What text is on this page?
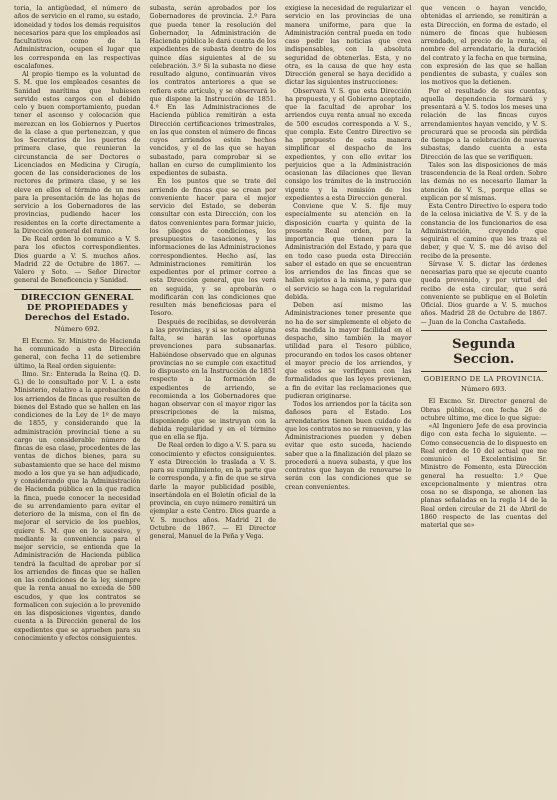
toria, la antigüedad, el número de años de servicio en el ramo, su estado, idoneidad y todos los demás requisitos necesarios para que los empleados así facultativos como de la Administracion, ocupen el lugar que les corresponda en las respectivas escalafones.

Al propio tiempo es la voluntad de S. M. que los empleados cesantes de Sanidad marítima que hubiesen servido estos cargos con el debido celo y buen comportamiento, puedan tener el ascenso y colocación que merezcan en los Gobiernos y Puertos de la clase a que pertenezcan, y que los Secretarios de los puertos de primera clase, que reunieran la circunstancia de ser Doctores o Licenciados en Medicina y Cirugía, gocen de las consideraciones de los rectores de primera clase, y se les eleve en ellos el término de un mes para la presentación de las hojas de servicio a los Gobernadores de las provincias, pudiendo hacer los residentes en la corte directamente a la Dirección general del ramo.

De Real orden lo comunico a V. S. para los efectos correspondientes. Dios guarde a V. S. muchos años. Madrid 22 de Octubre de 1867. — Valero y Soto. — Señor Director general de Beneficencia y Sanidad.

DIRECCION GENERAL DE PROPIEDADES y Derechos del Estado.
Número 692.

El Excmo. Sr. Ministro de Hacienda ha comunicado a esta Dirección general, con fecha 11 de setiembre último, la Real orden siguiente:

Ilmo. Sr.: Enterada la Reina (Q. D. G.) de lo consultado por V. I. a este Ministerio, relativo a la aprobación de los arriendos de fincas que resulten de bienes del Estado que se hallen en las condiciones de la Ley de 1º de mayo de 1855, y considerando que la administración provincial tiene a su cargo un considerable número de fincas de esa clase, procedentes de las ventas de dichos bienes, para su subastamiento que se hace del mismo modo a los que ya se han adjudicado, y considerando que la Administración de Hacienda pública en la que radica la finca, puede conocer la necesidad de su arrendamiento para evitar el deterioro de la misma, con el fin de mejorar el servicio de los pueblos, quiere S. M. que en lo sucesivo, y mediante la conveniencia para el mejor servicio, se entienda que la Administración de Hacienda pública tendrá la facultad de aprobar por sí los arriendos de fincas que se hallen en las condiciones de la ley, siempre que la renta anual no exceda de 500 escudos, y que los contratos se formalicen con sujeción a lo prevenido en las disposiciones vigentes, dando cuenta a la Dirección general de los expedientes que se aprueben para su conocimiento y efectos consiguientes.

subasta, serán aprobados por los Gobernadores de provincia. 2.º Para que pueda tener la resolución del Gobernador, la Administración de Hacienda pública le dará cuenta de los expedientes de subasta dentro de los quince días siguientes al de su celebración. 3.º Si la subasta no diese resultado alguno, continuarán vivos los contratos anteriores a que se refiera este artículo, y se observará lo que dispone la Instrucción de 1851. 4.º En las Administraciones de Hacienda pública remitirán a esta Dirección certificaciones trimestrales, en las que consten el número de fincas cuyos arriendos estén hechos vencidos, y el de las que se hayan subastado, para comprobar si se hallan en curso de cumplimiento los expedientes de subasta.

En los puntos que se trate del arriendo de fincas que se crean por conveniente hacer para el mejor servicio del Estado, se deberán consultar con esta Dirección, con los datos convenientes para formar juicio, los pliegos de condiciones, los presupuestos o tasaciones, y las informaciones de las Administraciones correspondientes. Hecho así, las Administraciones remitirán los expedientes por el primer correo a esta Dirección general, que los verá en seguida, y se aprobarán o modificarán con las condiciones que resulten más beneficiosas para el Tesoro.

Después de recibidas, se devolverán a las provincias, y si se notase alguna falta, se harán las oportunas prevenciones para subsanarlas. Habiéndose observado que en algunas provincias no se cumple con exactitud lo dispuesto en la Instrucción de 1851 respecto a la formación de expedientes de arriendo, se recomienda a los Gobernadores que hagan observar con el mayor rigor las prescripciones de la misma, disponiendo que se instruyan con la debida regularidad y en el término que en ella se fija.

De Real orden lo digo a V. S. para su conocimiento y efectos consiguientes. Y esta Dirección lo traslada a V. S. para su cumplimiento, en la parte que le corresponda, y a fin de que se sirva darle la mayor publicidad posible, insertándola en el Boletín oficial de la provincia, en cuyo número remitirá un ejemplar a este Centro. Dios guarde a V. S. muchos años. Madrid 21 de Octubre de 1867. — El Director general, Manuel de la Peña y Vega.

exigiese la necesidad de regularizar el servicio en las provincias de una manera uniforme, para que la Administración central pueda en todo caso pedir las noticias que crea indispensables, con la absoluta seguridad de obtenerlas. Esta, y no otra, es la causa de que hoy esta Dirección general se haya decidido a dictar las siguientes instrucciones:

Observará V. S. que esta Dirección ha propuesto, y el Gobierno aceptado, que la facultad de aprobar los arriendos cuya renta anual no exceda de 500 escudos corresponda a V. S., que compla. Este Centro Directivo se ha propuesto de esta manera simplificar el despacho de los expedientes, y con ello evitar los perjuicios que a la Administración ocasionan las dilaciones que llevan consigo los trámites de la instrucción vigente y la remisión de los expedientes a esta Dirección general.

Conviene que V. S. fije muy especialmente su atención en la disposición cuarta y quinta de la presente Real orden, por la importancia que tienen para la Administración del Estado, y para que en todo caso pueda esta Dirección saber el estado en que se encuentran los arriendos de las fincas que se hallen sujetos a la misma, y para que el servicio se haga con la regularidad debida.

Deben así mismo las Administraciones tener presente que no ha de ser simplemente el objeto de esta medida la mayor facilidad en el despacho, sino también la mayor utilidad para el Tesoro público, procurando en todos los casos obtener el mayor precio de los arriendos, y que estos se verifiquen con las formalidades que las leyes previenen, a fin de evitar las reclamaciones que pudieran originarse.

Todos los arriendos por la tácita son dañosos para el Estado. Los arrendatarios tienen buen cuidado de que los contratos no se renueven, y las Administraciones pueden y deben evitar que esto suceda, haciendo saber que a la finalización del plazo se procederá a nueva subasta, y que los contratos que hayan de renovarse lo serán con las condiciones que se crean convenientes.

que vencen o hayan vencido, obtenidas el arriendo, se remitirán a esta Dirección, en forma de estado, el número de fincas que hubiesen arrendado, el precio de la renta, el nombre del arrendatario, la duración del contrato y la fecha en que termina, con expresión de las que se hallan pendientes de subasta, y cuáles son los motivos que la detienen.

Por el resultado de sus cuentas, aquella dependencia formará y presentará a V. S. todos los meses una relación de las fincas cuyos arrendamientos hayan vencido, y V. S. procurará que se proceda sin pérdida de tiempo a la celebración de nuevas subastas, dando cuenta a esta Dirección de las que se verifiquen.

Tales son las disposiciones de más trascendencia de la Real orden. Sobre las demás no es necesario llamar la atención de V. S., porque ellas se explican por sí mismas.

Esta Centro Directivo lo espera todo de la celosa iniciativa de V. S. y de la constancia de los funcionarios de esa Administración, creyendo que seguirán el camino que les traza el deber, y que V. S. me dé aviso del recibo de la presente.

Sírvase V. S. dictar las órdenes necesarias para que se ejecute cuanto queda prevenido, y por virtud del recibo de esta circular, que será conveniente se publique en el Boletín Oficial. Dios guarde a V. S. muchos años. Madrid 28 de Octubre de 1867. — Juan de la Concha Castañeda.

Segunda Seccion.
GOBIERNO DE LA PROVINCIA.
Número 693.

El Excmo. Sr. Director general de Obras públicas, con fecha 26 de octubre último, me dice lo que sigue:

«Al Ingeniero Jefe de esa provincia digo con esta fecha lo siguiente. — Como consecuencia de lo dispuesto en Real orden de 10 del actual que me comunicó el Excelentísimo Sr. Ministro de Fomento, esta Dirección general ha resuelto: 1.º Que excepcionalmente y mientras otra cosa no se disponga, se abonen las planas señaladas en la regla 14 de la Real orden circular de 21 de Abril de 1860 respecto de las cuentas del material que se»
